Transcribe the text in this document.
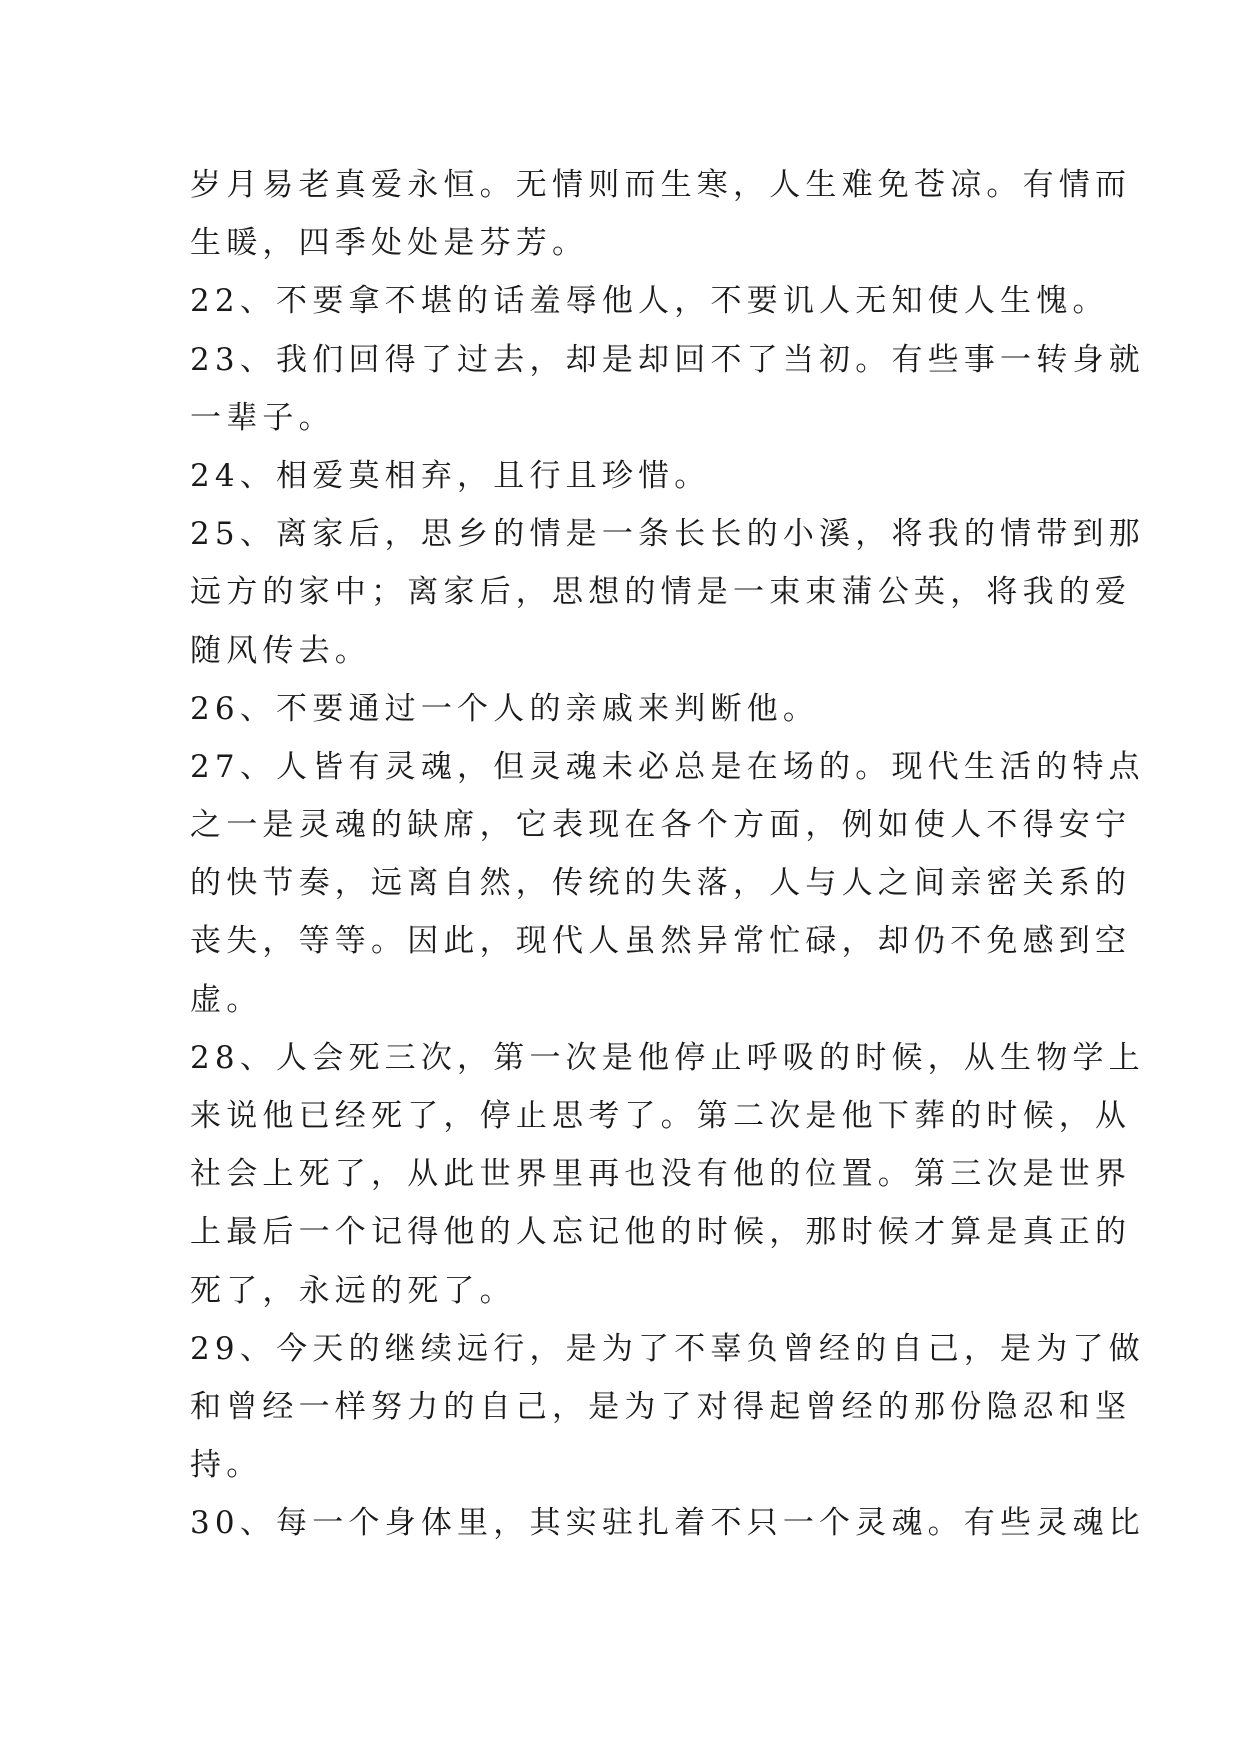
岁月易老真爱永恒。无情则而生寒，人生难免苍凉。有情而
生暖，四季处处是芬芳。
22、不要拿不堪的话羞辱他人，不要讥人无知使人生愧。
23、我们回得了过去，却是却回不了当初。有些事一转身就
一辈子。
24、相爱莫相弃，且行且珍惜。
25、离家后，思乡的情是一条长长的小溪，将我的情带到那
远方的家中；离家后，思想的情是一束束蒲公英，将我的爱
随风传去。
26、不要通过一个人的亲戚来判断他。
27、人皆有灵魂，但灵魂未必总是在场的。现代生活的特点
之一是灵魂的缺席，它表现在各个方面，例如使人不得安宁
的快节奏，远离自然，传统的失落，人与人之间亲密关系的
丧失，等等。因此，现代人虽然异常忙碌，却仍不免感到空
虚。
28、人会死三次，第一次是他停止呼吸的时候，从生物学上
来说他已经死了，停止思考了。第二次是他下葬的时候，从
社会上死了，从此世界里再也没有他的位置。第三次是世界
上最后一个记得他的人忘记他的时候，那时候才算是真正的
死了，永远的死了。
29、今天的继续远行，是为了不辜负曾经的自己，是为了做
和曾经一样努力的自己，是为了对得起曾经的那份隐忍和坚
持。
30、每一个身体里，其实驻扎着不只一个灵魂。有些灵魂比
